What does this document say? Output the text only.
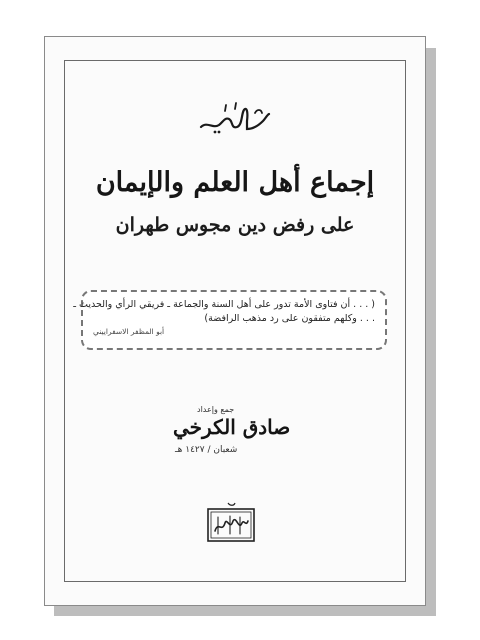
إجماع أهل العلم والإيمان
على رفض دين مجوس طهران
( . . . أن فتاوى الأمة تدور على أهل السنة والجماعة ـ فريقي الرأي والحديث ـ
. . . وكلهم متفقون على رد مذهب الرافضة)
أبو المظفر الاسفراييني
جمع وإعداد
صادق الكرخي
شعبان / ١٤٢٧ هـ
